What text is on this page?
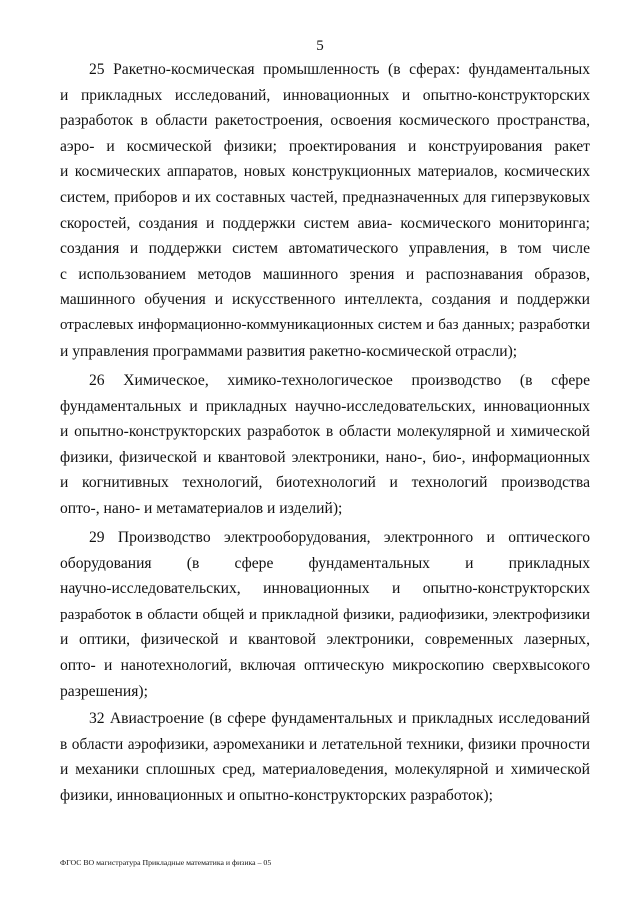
5
25 Ракетно-космическая промышленность (в сферах: фундаментальных
и прикладных исследований, инновационных и опытно-конструкторских
разработок в области ракетостроения, освоения космического пространства,
аэро- и космической физики; проектирования и конструирования ракет
и космических аппаратов, новых конструкционных материалов, космических
систем, приборов и их составных частей, предназначенных для гиперзвуковых
скоростей, создания и поддержки систем авиа- космического мониторинга;
создания и поддержки систем автоматического управления, в том числе
с использованием методов машинного зрения и распознавания образов,
машинного обучения и искусственного интеллекта, создания и поддержки
отраслевых информационно-коммуникационных систем и баз данных; разработки
и управления программами развития ракетно-космической отрасли);
26 Химическое, химико-технологическое производство (в сфере
фундаментальных и прикладных научно-исследовательских, инновационных
и опытно-конструкторских разработок в области молекулярной и химической
физики, физической и квантовой электроники, нано-, био-, информационных
и когнитивных технологий, биотехнологий и технологий производства
опто-, нано- и метаматериалов и изделий);
29 Производство электрооборудования, электронного и оптического
оборудования (в сфере фундаментальных и прикладных
научно-исследовательских, инновационных и опытно-конструкторских
разработок в области общей и прикладной физики, радиофизики, электрофизики
и оптики, физической и квантовой электроники, современных лазерных,
опто- и нанотехнологий, включая оптическую микроскопию сверхвысокого
разрешения);
32 Авиастроение (в сфере фундаментальных и прикладных исследований
в области аэрофизики, аэромеханики и летательной техники, физики прочности
и механики сплошных сред, материаловедения, молекулярной и химической
физики, инновационных и опытно-конструкторских разработок);
ФГОС ВО магистратура Прикладные математика и физика – 05
